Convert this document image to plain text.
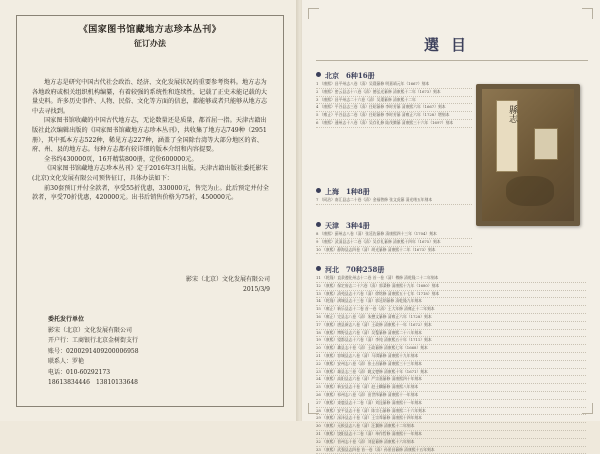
《国家图书馆藏地方志珍本丛刊》
征订办法

地方志是研究中国古代社会政治、经济、文化发展状况的重要参考资料。地方志为各地政府或相关组织机构编纂，有着较强的系统性和连续性，记载了正史未能记载的大量史料。许多历史事件、人物、民俗、文化等方面的信息，都能够或者只能够从地方志中去寻找到。

国家图书馆收藏的中国古代地方志，无论数量还是质量，都首屈一指。天津古籍出版社此次编辑出版的《国家图书馆藏地方志珍本丛刊》，共收集了地方志749种（2951册），其中孤本方志522种，稀见方志227种，涵盖了全国除台湾等大部分地区的省、府、州、县的地方志。每种方志都有较详细的版本介绍和内容提要。

全书约430000页，16开精装800册，定价600000元。

《国家图书馆藏地方志珍本丛刊》定于2016年3月出版。天津古籍出版社委托影宋(北京)文化发展有限公司预售征订，具体办法如下：

前30套预订并付全款者，享受55折优惠，330000元，售完为止。此后预定并付全款者，享受70折优惠，420000元。出书后销售价格为75折，450000元。

影宋（北京）文化发展有限公司
2015/3/9
委托发行单位
影宋（北京）文化发展有限公司
开户行：工商银行北京金树街支行
账号：0200291409200006958
联系人：罗艳
电话：010-60292173
18613834446　13810133648
選目
縣志
北京　6种16册
1 （康熙）昌平州志八卷（清）吴璟纂修 明嘉靖元年（1667）刻本
2 （康熙）密云县志十八卷（清）德弘光纂修 清康熙十二年（1673）刻本
3 （康熙）昌平州志二十六卷（清）吴璟纂修 清康熙十二年
4 （康熙）平谷县志三卷（清）任昭纂修 李时芳纂 清康熙六年（1667）刻本
5 （雍正）平谷县志二卷（清）任昭纂修 李时芳纂 清雍正六年（1728）增刻本
6 （康熙）通州志十八卷（清）吴存礼修 陆茂腾纂 清康熙三十六年（1697）刻本
上海　1种8册
7 （同治）南汇县志二十卷（清）金福曾修 张文虎纂 清光绪五年刻本
天津　3种4册
8 （康熙）蓟州志八卷（清）张廷佐纂修 清康熙四十三年（1704）刻本
9 （康熙）武清县志十二卷（清）吴存礼纂修 清康熙十四年（1675）刻本
10 （康熙）静海县志四卷（清）胡光纂修 清康熙十二年（1673）刻本
河北　70种258册
11 （乾隆）直隶遵化州志十二卷 首一卷（清）傅修 清乾隆二十二年刻本
12 （康熙）保定府志二十六卷（清）郭棻修 清康熙十九年（1680）刻本
13 （康熙）清苑县志十六卷（清）徐铭修 清康熙五十七年（1718）刻本
14 （乾隆）满城县志十三卷（清）郭廷炳纂修 清乾隆九年刻本
15 （雍正）新乐县志十二卷 首一卷（清）王大年修 清雍正十二年刻本
16 （雍正）完县志八卷（清）朱懋文纂修 清雍正六年（1728）刻本
17 （康熙）唐县新志八卷（清）王政修 清康熙十一年（1672）刻本
18 （康熙）博野县志六卷（清）吴鏊纂修 清康熙二十八年刻本
19 （康熙）望都县志十六卷（清）李纯 清康熙五十年（1711）刻本
20 （康熙）蠡县志十卷（清）王政纂修 清康熙七年（1668）刻本
21 （康熙）容城县志八卷（清）马琪纂修 清康熙十九年刻本
22 （康熙）安州志八卷（清）张士昌纂修 清康熙三十三年刻本
23 （康熙）雄县志三卷（清）姚文燮修 清康熙十年（1671）刻本
24 （康熙）高阳县志六卷（清）严宗嘉纂修 清康熙四十年刻本
25 （康熙）新安县志十卷（清）赵士麟纂修 清康熙八年刻本
26 （康熙）祁州志八卷（清）田世纬纂修 清康熙十一年刻本
27 （康熙）束鹿县志十二卷（清）刘昆纂修 清康熙十一年刻本
28 （康熙）安平县志十卷（清）陈宗石纂修 清康熙二十六年刻本
29 （康熙）深泽县志十卷（清）王宗舜纂修 清康熙十四年刻本
30 （康熙）无极县志八卷（清）汪翼修 清康熙十二年刻本
31 （康熙）饶阳县志十二卷（清）单作哲修 清康熙十一年刻本
32 （康熙）晋州志十卷（清）刘昆纂修 清康熙十六年刻本
33 （康熙）武强县志四卷 首一卷（清）孙景昌纂修 清康熙十五年刻本
